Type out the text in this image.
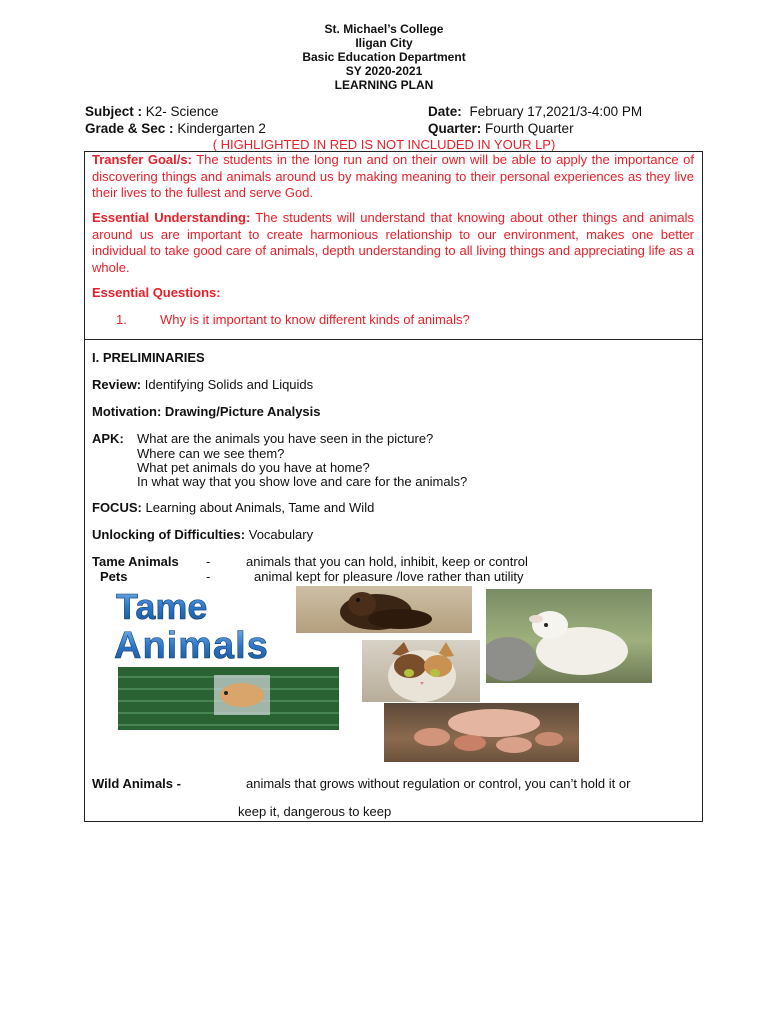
St. Michael’s College
Iligan City
Basic Education Department
SY 2020-2021
LEARNING PLAN
Subject : K2- Science	Date: February 17,2021/3-4:00 PM
Grade & Sec : Kindergarten 2	Quarter: Fourth Quarter
( HIGHLIGHTED IN RED IS NOT INCLUDED IN YOUR LP)
Transfer Goal/s: The students in the long run and on their own will be able to apply the importance of discovering things and animals around us by making meaning to their personal experiences as they live their lives to the fullest and serve God.
Essential Understanding: The students will understand that knowing about other things and animals around us are important to create harmonious relationship to our environment, makes one better individual to take good care of animals, depth understanding to all living things and appreciating life as a whole.
Essential Questions:
1.	Why is it important to know different kinds of animals?
I. PRELIMINARIES
Review: Identifying Solids and Liquids
Motivation: Drawing/Picture Analysis
APK: What are the animals you have seen in the picture?
Where can we see them?
What pet animals do you have at home?
In what way that you show love and care for the animals?
FOCUS: Learning about Animals, Tame and Wild
Unlocking of Difficulties: Vocabulary
Tame Animals -	animals that you can hold, inhibit, keep or control
Pets	-	animal kept for pleasure /love rather than utility
Tame
Animals
Wild Animals -	animals that grows without regulation or control, you can’t hold it or
keep it, dangerous to keep
